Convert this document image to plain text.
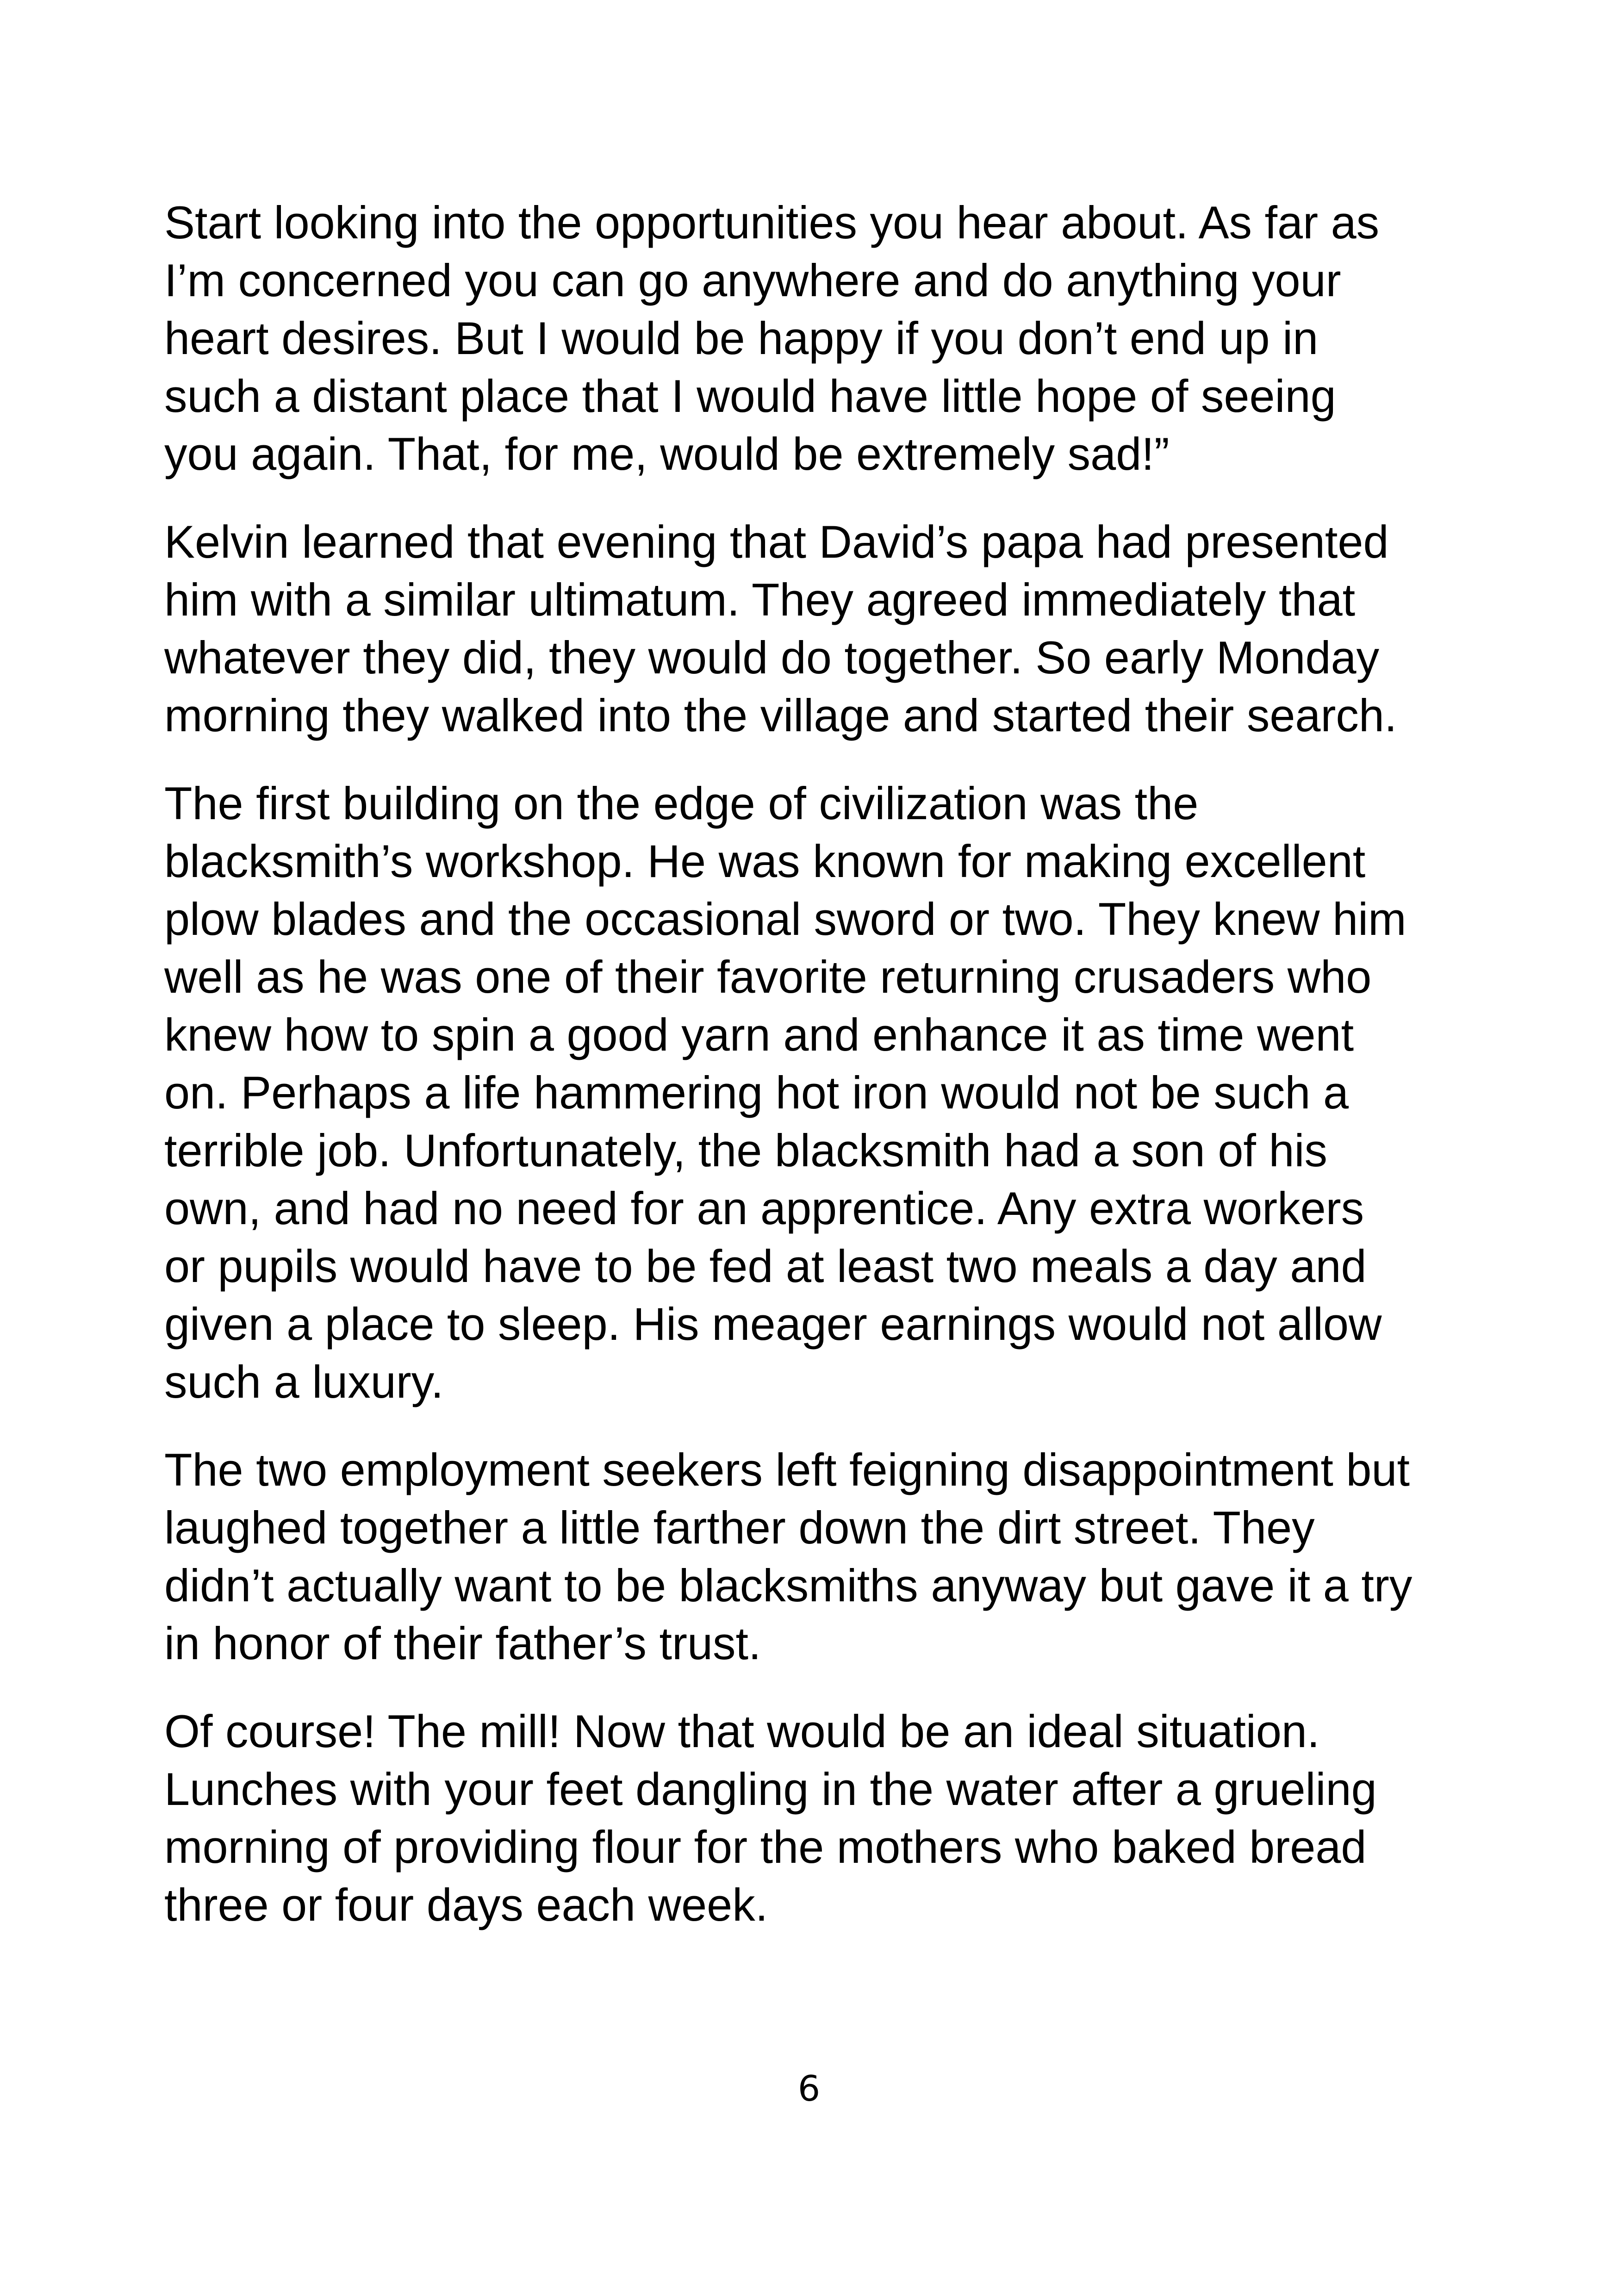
Start looking into the opportunities you hear about. As far as
I’m concerned you can go anywhere and do anything your
heart desires. But I would be happy if you don’t end up in
such a distant place that I would have little hope of seeing
you again. That, for me, would be extremely sad!”

Kelvin learned that evening that David’s papa had presented
him with a similar ultimatum. They agreed immediately that
whatever they did, they would do together. So early Monday
morning they walked into the village and started their search.

The first building on the edge of civilization was the
blacksmith’s workshop. He was known for making excellent
plow blades and the occasional sword or two. They knew him
well as he was one of their favorite returning crusaders who
knew how to spin a good yarn and enhance it as time went
on. Perhaps a life hammering hot iron would not be such a
terrible job. Unfortunately, the blacksmith had a son of his
own, and had no need for an apprentice. Any extra workers
or pupils would have to be fed at least two meals a day and
given a place to sleep. His meager earnings would not allow
such a luxury.

The two employment seekers left feigning disappointment but
laughed together a little farther down the dirt street. They
didn’t actually want to be blacksmiths anyway but gave it a try
in honor of their father’s trust.

Of course! The mill! Now that would be an ideal situation.
Lunches with your feet dangling in the water after a grueling
morning of providing flour for the mothers who baked bread
three or four days each week.

6
